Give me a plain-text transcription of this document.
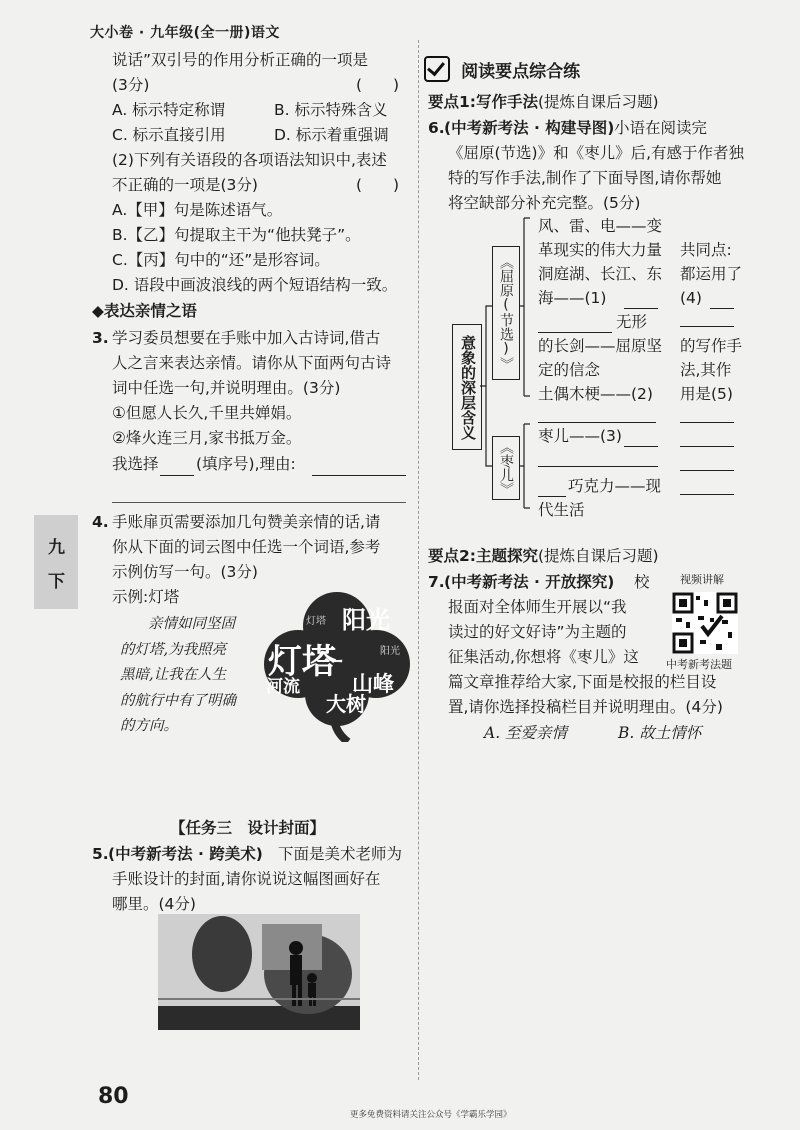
大小卷 · 九年级(全一册)语文
说话”双引号的作用分析正确的一项是
(3分)	(　　)
A. 标示特定称谓	B. 标示特殊含义
C. 标示直接引用	D. 标示着重强调
(2)下列有关语段的各项语法知识中,表述
不正确的一项是(3分)	(　　)
A.【甲】句是陈述语气。
B.【乙】句提取主干为“他扶凳子”。
C.【丙】句中的“还”是形容词。
D. 语段中画波浪线的两个短语结构一致。
◆表达亲情之语
3. 学习委员想要在手账中加入古诗词,借古
人之言来表达亲情。请你从下面两句古诗
词中任选一句,并说明理由。(3分)
①但愿人长久,千里共婵娟。
②烽火连三月,家书抵万金。
我选择 (填序号),理由:
九
下
4. 手账扉页需要添加几句赞美亲情的话,请
你从下面的词云图中任选一个词语,参考
示例仿写一句。(3分)
示例:灯塔
亲情如同坚固
的灯塔,为我照亮
黑暗,让我在人生
的航行中有了明确
的方向。
阳光
灯塔
山峰
河流
大树
阳光
灯塔
【任务三　设计封面】
5. (中考新考法 · 跨美术) 下面是美术老师为
手账设计的封面,请你说说这幅图画好在
哪里。(4分)
阅读要点综合练
要点1:写作手法(提炼自课后习题)
6. (中考新考法 · 构建导图) 小语在阅读完
《屈原(节选)》和《枣儿》后,有感于作者独
特的写作手法,制作了下面导图,请你帮她
将空缺部分补充完整。(5分)
意象的深层含义
《屈原(节选)》
《枣儿》
风、雷、电——变
革现实的伟大力量
洞庭湖、长江、东
海——(1)
无形
的长剑——屈原坚
定的信念
土偶木梗——(2)
枣儿——(3)
巧克力——现
代生活
共同点:
都运用了
(4)
的写作手
法,其作
用是(5)
要点2:主题探究(提炼自课后习题)
视频讲解
中考新考法题
7. (中考新考法 · 开放探究) 校
报面对全体师生开展以“我
读过的好文好诗”为主题的
征集活动,你想将《枣儿》这
篇文章推荐给大家,下面是校报的栏目设
置,请你选择投稿栏目并说明理由。(4分)
A. 至爱亲情	B. 故土情怀
80
更多免费资料请关注公众号《学霸乐学园》
